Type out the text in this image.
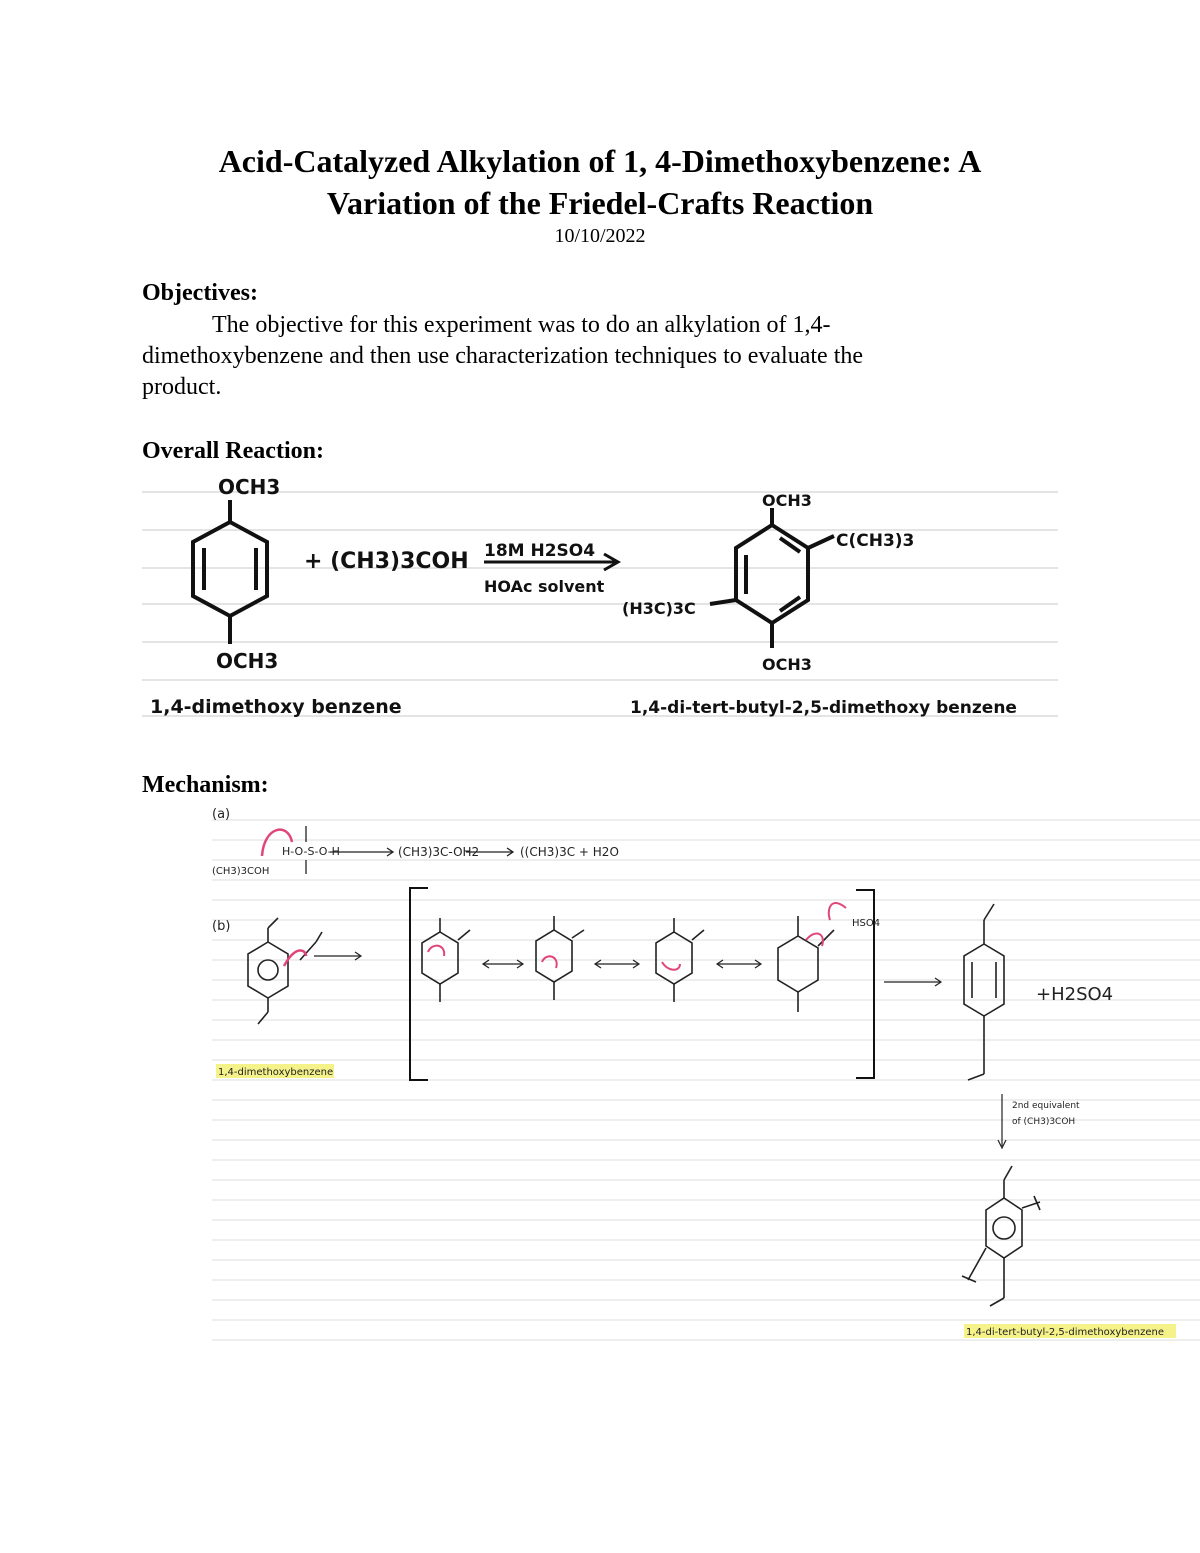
Acid-Catalyzed Alkylation of 1, 4-Dimethoxybenzene: A
Variation of the Friedel-Crafts Reaction
10/10/2022
Objectives:
The objective for this experiment was to do an alkylation of 1,4-
dimethoxybenzene and then use characterization techniques to evaluate the
product.
Overall Reaction:
Mechanism:
OCH3
OCH3
+ (CH3)3COH 18M H2SO4
HOAc solvent
OCH3
C(CH3)3
(H3C)3C
OCH3
1,4-dimethoxy benzene	1,4-di-tert-butyl-2,5-dimethoxy benzene
(a)
(CH3)3COH
H-O-S-O-H	(CH3)3C-OH2	((CH3)3C + H2O
(b)
1,4-dimethoxybenzene
HSO4
+H2SO4
2nd equivalent
of (CH3)3COH
1,4-di-tert-butyl-2,5-dimethoxybenzene
